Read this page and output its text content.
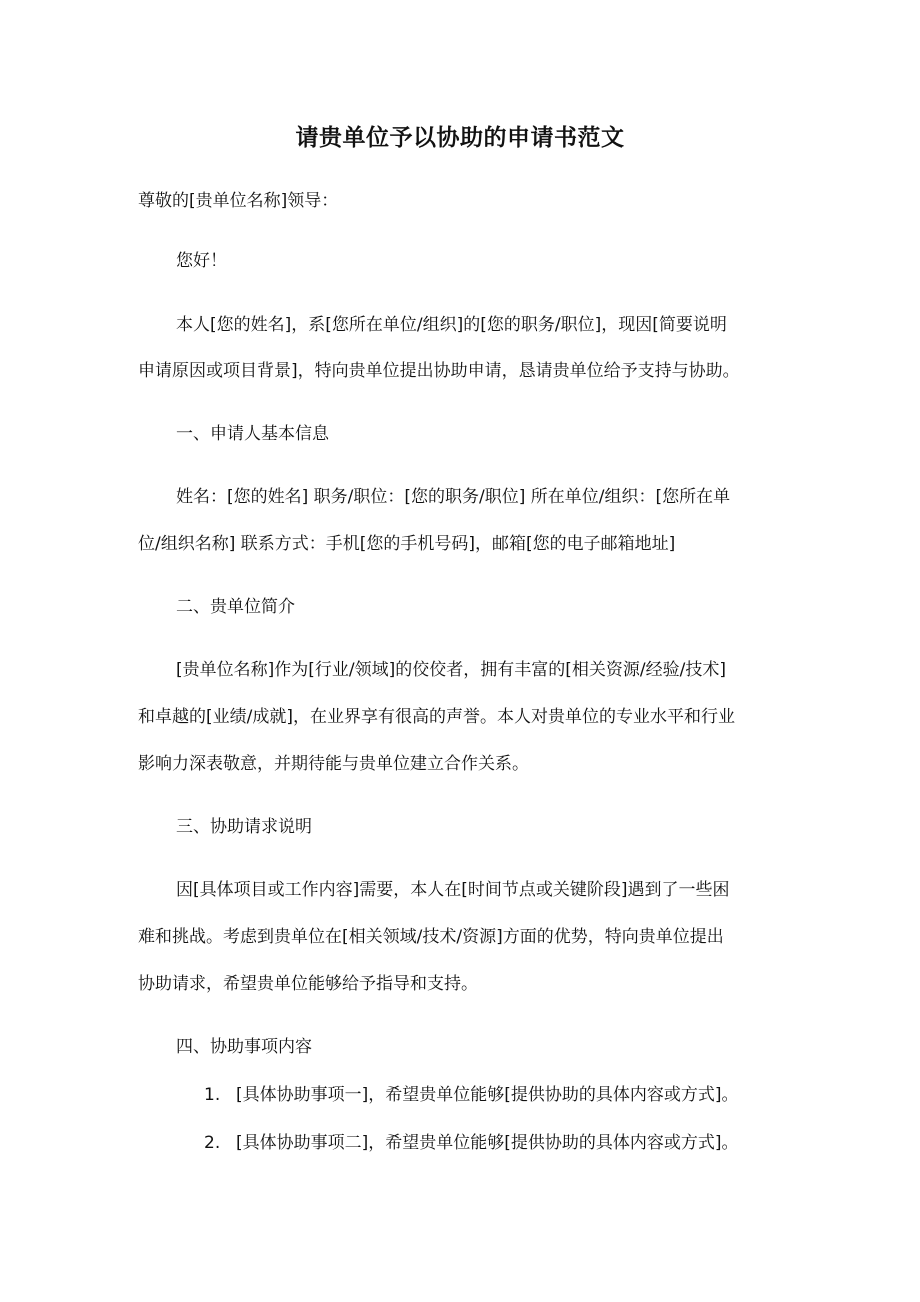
请贵单位予以协助的申请书范文
尊敬的[贵单位名称]领导：
您好！
本人[您的姓名]，系[您所在单位/组织]的[您的职务/职位]，现因[简要说明
申请原因或项目背景]，特向贵单位提出协助申请，恳请贵单位给予支持与协助。
一、申请人基本信息
姓名：[您的姓名] 职务/职位：[您的职务/职位] 所在单位/组织：[您所在单
位/组织名称] 联系方式：手机[您的手机号码]，邮箱[您的电子邮箱地址]
二、贵单位简介
[贵单位名称]作为[行业/领域]的佼佼者，拥有丰富的[相关资源/经验/技术]
和卓越的[业绩/成就]，在业界享有很高的声誉。本人对贵单位的专业水平和行业
影响力深表敬意，并期待能与贵单位建立合作关系。
三、协助请求说明
因[具体项目或工作内容]需要，本人在[时间节点或关键阶段]遇到了一些困
难和挑战。考虑到贵单位在[相关领域/技术/资源]方面的优势，特向贵单位提出
协助请求，希望贵单位能够给予指导和支持。
四、协助事项内容
1. [具体协助事项一]，希望贵单位能够[提供协助的具体内容或方式]。
2. [具体协助事项二]，希望贵单位能够[提供协助的具体内容或方式]。
